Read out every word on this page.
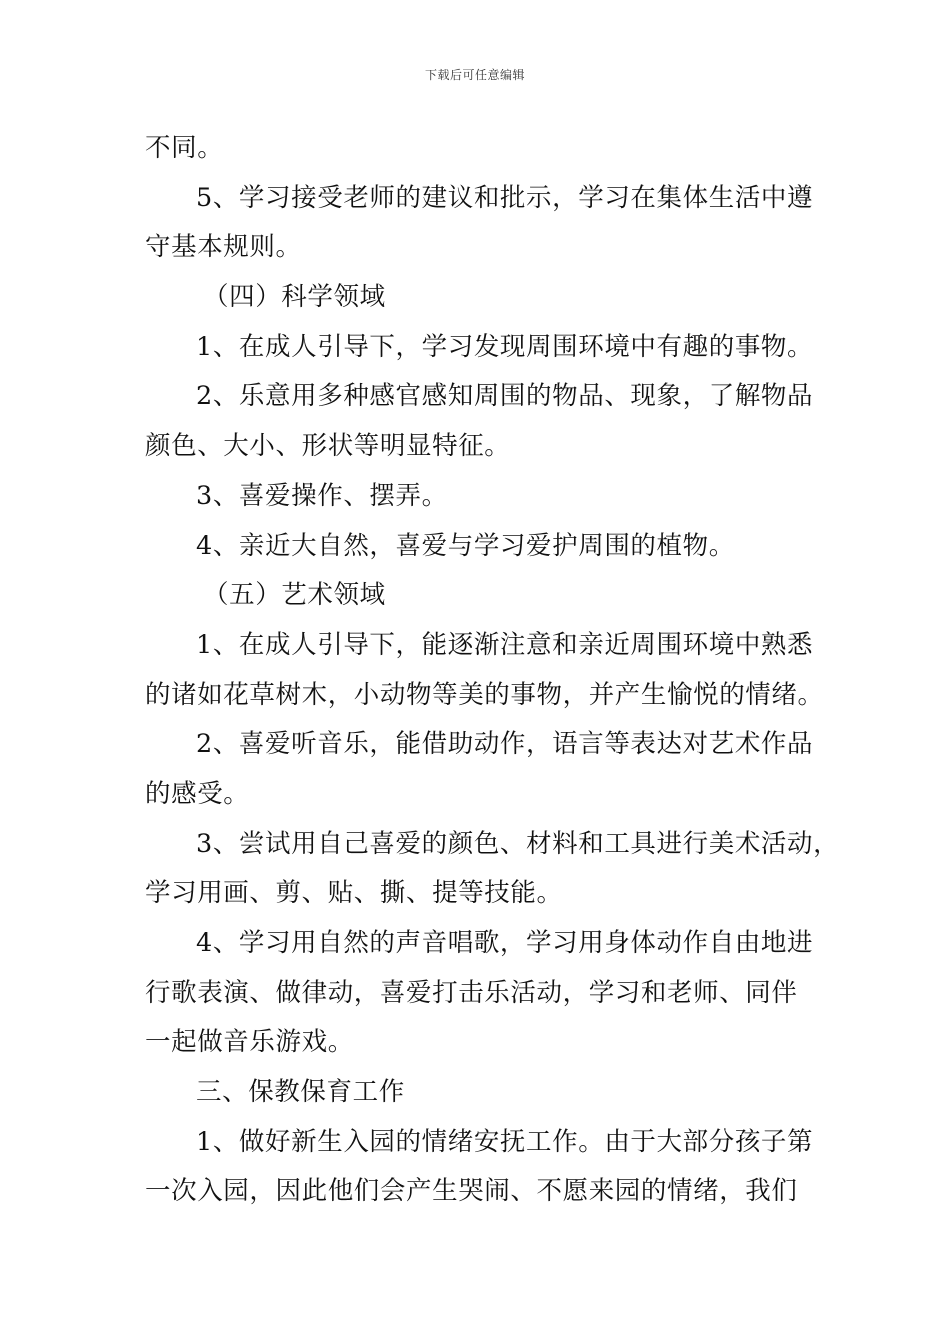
下载后可任意编辑
不同。
5、学习接受老师的建议和批示，学习在集体生活中遵
守基本规则。
（四）科学领域
1、在成人引导下，学习发现周围环境中有趣的事物。
2、乐意用多种感官感知周围的物品、现象，了解物品
颜色、大小、形状等明显特征。
3、喜爱操作、摆弄。
4、亲近大自然，喜爱与学习爱护周围的植物。
（五）艺术领域
1、在成人引导下，能逐渐注意和亲近周围环境中熟悉
的诸如花草树木，小动物等美的事物，并产生愉悦的情绪。
2、喜爱听音乐，能借助动作，语言等表达对艺术作品
的感受。
3、尝试用自己喜爱的颜色、材料和工具进行美术活动，
学习用画、剪、贴、撕、提等技能。
4、学习用自然的声音唱歌，学习用身体动作自由地进
行歌表演、做律动，喜爱打击乐活动，学习和老师、同伴
一起做音乐游戏。
三、保教保育工作
1、做好新生入园的情绪安抚工作。由于大部分孩子第
一次入园，因此他们会产生哭闹、不愿来园的情绪，我们
